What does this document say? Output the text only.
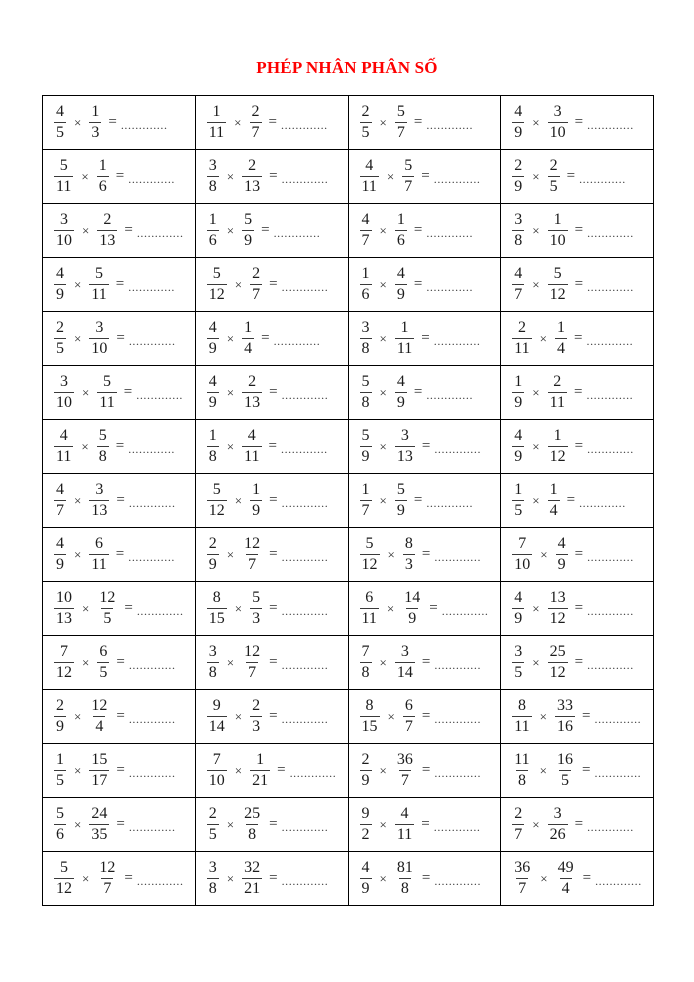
PHÉP NHÂN PHÂN SỐ
$\frac{4}{5} \times \frac{1}{3}$ = ............. $\frac{1}{11} \times \frac{2}{7}$ = ............. $\frac{2}{5} \times \frac{5}{7}$ = ............. $\frac{4}{9} \times \frac{3}{10}$ = .............
$\frac{5}{11} \times \frac{1}{6}$ = ............. $\frac{3}{8} \times \frac{2}{13}$ = ............. $\frac{4}{11} \times \frac{5}{7}$ = ............. $\frac{2}{9} \times \frac{2}{5}$ = .............
$\frac{3}{10} \times \frac{2}{13}$ = ............. $\frac{1}{6} \times \frac{5}{9}$ = ............. $\frac{4}{7} \times \frac{1}{6}$ = ............. $\frac{3}{8} \times \frac{1}{10}$ = .............
$\frac{4}{9} \times \frac{5}{11}$ = ............. $\frac{5}{12} \times \frac{2}{7}$ = ............. $\frac{1}{6} \times \frac{4}{9}$ = ............. $\frac{4}{7} \times \frac{5}{12}$ = .............
$\frac{2}{5} \times \frac{3}{10}$ = ............. $\frac{4}{9} \times \frac{1}{4}$ = ............. $\frac{3}{8} \times \frac{1}{11}$ = ............. $\frac{2}{11} \times \frac{1}{4}$ = .............
$\frac{3}{10} \times \frac{5}{11}$ = ............. $\frac{4}{9} \times \frac{2}{13}$ = ............. $\frac{5}{8} \times \frac{4}{9}$ = ............. $\frac{1}{9} \times \frac{2}{11}$ = .............
$\frac{4}{11} \times \frac{5}{8}$ = ............. $\frac{1}{8} \times \frac{4}{11}$ = ............. $\frac{5}{9} \times \frac{3}{13}$ = ............. $\frac{4}{9} \times \frac{1}{12}$ = .............
$\frac{4}{7} \times \frac{3}{13}$ = ............. $\frac{5}{12} \times \frac{1}{9}$ = ............. $\frac{1}{7} \times \frac{5}{9}$ = ............. $\frac{1}{5} \times \frac{1}{4}$ = .............
$\frac{4}{9} \times \frac{6}{11}$ = ............. $\frac{2}{9} \times \frac{12}{7}$ = ............. $\frac{5}{12} \times \frac{8}{3}$ = ............. $\frac{7}{10} \times \frac{4}{9}$ = .............
$\frac{10}{13} \times \frac{12}{5}$ = ............. $\frac{8}{15} \times \frac{5}{3}$ = ............. $\frac{6}{11} \times \frac{14}{9}$ = ............. $\frac{4}{9} \times \frac{13}{12}$ = .............
$\frac{7}{12} \times \frac{6}{5}$ = ............. $\frac{3}{8} \times \frac{12}{7}$ = ............. $\frac{7}{8} \times \frac{3}{14}$ = ............. $\frac{3}{5} \times \frac{25}{12}$ = .............
$\frac{2}{9} \times \frac{12}{4}$ = ............. $\frac{9}{14} \times \frac{2}{3}$ = ............. $\frac{8}{15} \times \frac{6}{7}$ = ............. $\frac{8}{11} \times \frac{33}{16}$ = .............
$\frac{1}{5} \times \frac{15}{17}$ = ............. $\frac{7}{10} \times \frac{1}{21}$ = ............. $\frac{2}{9} \times \frac{36}{7}$ = ............. $\frac{11}{8} \times \frac{16}{5}$ = .............
$\frac{5}{6} \times \frac{24}{35}$ = ............. $\frac{2}{5} \times \frac{25}{8}$ = ............. $\frac{9}{2} \times \frac{4}{11}$ = ............. $\frac{2}{7} \times \frac{3}{26}$ = .............
$\frac{5}{12} \times \frac{12}{7}$ = ............. $\frac{3}{8} \times \frac{32}{21}$ = ............. $\frac{4}{9} \times \frac{81}{8}$ = ............. $\frac{36}{7} \times \frac{49}{4}$ = .............
